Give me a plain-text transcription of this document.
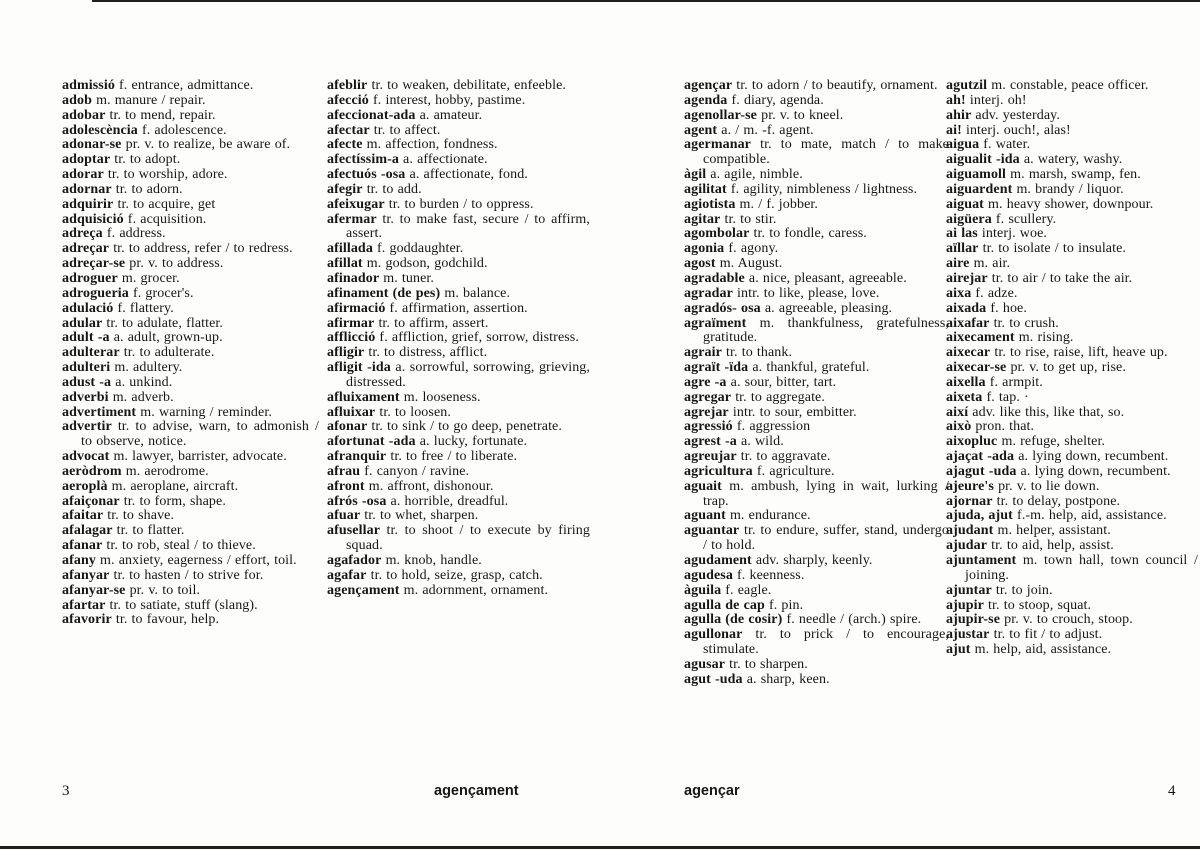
admissió f. entrance, admittance.

adob m. manure / repair.

adobar tr. to mend, repair.

adolescència f. adolescence.

adonar-se pr. v. to realize, be aware of.

adoptar tr. to adopt.

adorar tr. to worship, adore.

adornar tr. to adorn.

adquirir tr. to acquire, get

adquisició f. acquisition.

adreça f. address.

adreçar tr. to address, refer / to redress.

adreçar-se pr. v. to address.

adroguer m. grocer.

adrogueria f. grocer's.

adulació f. flattery.

adular tr. to adulate, flatter.

adult -a a. adult, grown-up.

adulterar tr. to adulterate.

adulteri m. adultery.

adust -a a. unkind.

adverbi m. adverb.

advertiment m. warning / reminder.

advertir tr. to advise, warn, to admonish / to observe, notice.

advocat m. lawyer, barrister, advocate.

aeròdrom m. aerodrome.

aeroplà m. aeroplane, aircraft.

afaiçonar tr. to form, shape.

afaitar tr. to shave.

afalagar tr. to flatter.

afanar tr. to rob, steal / to thieve.

afany m. anxiety, eagerness / effort, toil.

afanyar tr. to hasten / to strive for.

afanyar-se pr. v. to toil.

afartar tr. to satiate, stuff (slang).

afavorir tr. to favour, help.

afeblir tr. to weaken, debilitate, enfeeble.

afecció f. interest, hobby, pastime.

afeccionat-ada a. amateur.

afectar tr. to affect.

afecte m. affection, fondness.

afectíssim-a a. affectionate.

afectuós -osa a. affectionate, fond.

afegir tr. to add.

afeixugar tr. to burden / to oppress.

afermar tr. to make fast, secure / to affirm, assert.

afillada f. goddaughter.

afillat m. godson, godchild.

afinador m. tuner.

afinament (de pes) m. balance.

afirmació f. affirmation, assertion.

afirmar tr. to affirm, assert.

afflicció f. affliction, grief, sorrow, distress.

afligir tr. to distress, afflict.

afligit -ida a. sorrowful, sorrowing, grieving, distressed.

afluixament m. looseness.

afluixar tr. to loosen.

afonar tr. to sink / to go deep, penetrate.

afortunat -ada a. lucky, fortunate.

afranquir tr. to free / to liberate.

afrau f. canyon / ravine.

afront m. affront, dishonour.

afrós -osa a. horrible, dreadful.

afuar tr. to whet, sharpen.

afusellar tr. to shoot / to execute by firing squad.

agafador m. knob, handle.

agafar tr. to hold, seize, grasp, catch.

agençament m. adornment, ornament.

agençar tr. to adorn / to beautify, ornament.

agenda f. diary, agenda.

agenollar-se pr. v. to kneel.

agent a. / m. -f. agent.

agermanar tr. to mate, match / to make compatible.

àgil a. agile, nimble.

agilitat f. agility, nimbleness / lightness.

agiotista m. / f. jobber.

agitar tr. to stir.

agombolar tr. to fondle, caress.

agonia f. agony.

agost m. August.

agradable a. nice, pleasant, agreeable.

agradar intr. to like, please, love.

agradós- osa a. agreeable, pleasing.

agraïment m. thankfulness, gratefulness, gratitude.

agrair tr. to thank.

agraït -ïda a. thankful, grateful.

agre -a a. sour, bitter, tart.

agregar tr. to aggregate.

agrejar intr. to sour, embitter.

agressió f. aggression

agrest -a a. wild.

agreujar tr. to aggravate.

agricultura f. agriculture.

aguait m. ambush, lying in wait, lurking / trap.

aguant m. endurance.

aguantar tr. to endure, suffer, stand, undergo / to hold.

agudament adv. sharply, keenly.

agudesa f. keenness.

àguila f. eagle.

agulla de cap f. pin.

agulla (de cosir) f. needle / (arch.) spire.

agullonar tr. to prick / to encourage, stimulate.

agusar tr. to sharpen.

agut -uda a. sharp, keen.

agutzil m. constable, peace officer.

ah! interj. oh!

ahir adv. yesterday.

ai! interj. ouch!, alas!

aigua f. water.

aigualit -ida a. watery, washy.

aiguamoll m. marsh, swamp, fen.

aiguardent m. brandy / liquor.

aiguat m. heavy shower, downpour.

aigüera f. scullery.

ai las interj. woe.

aïllar tr. to isolate / to insulate.

aire m. air.

airejar tr. to air / to take the air.

aixa f. adze.

aixada f. hoe.

aixafar tr. to crush.

aixecament m. rising.

aixecar tr. to rise, raise, lift, heave up.

aixecar-se pr. v. to get up, rise.

aixella f. armpit.

aixeta f. tap. ·

així adv. like this, like that, so.

això pron. that.

aixopluc m. refuge, shelter.

ajaçat -ada a. lying down, recumbent.

ajagut -uda a. lying down, recumbent.

ajeure's pr. v. to lie down.

ajornar tr. to delay, postpone.

ajuda, ajut f.-m. help, aid, assistance.

ajudant m. helper, assistant.

ajudar tr. to aid, help, assist.

ajuntament m. town hall, town council / joining.

ajuntar tr. to join.

ajupir tr. to stoop, squat.

ajupir-se pr. v. to crouch, stoop.

ajustar tr. to fit / to adjust.

ajut m. help, aid, assistance.

3	agençament	agençar	4
